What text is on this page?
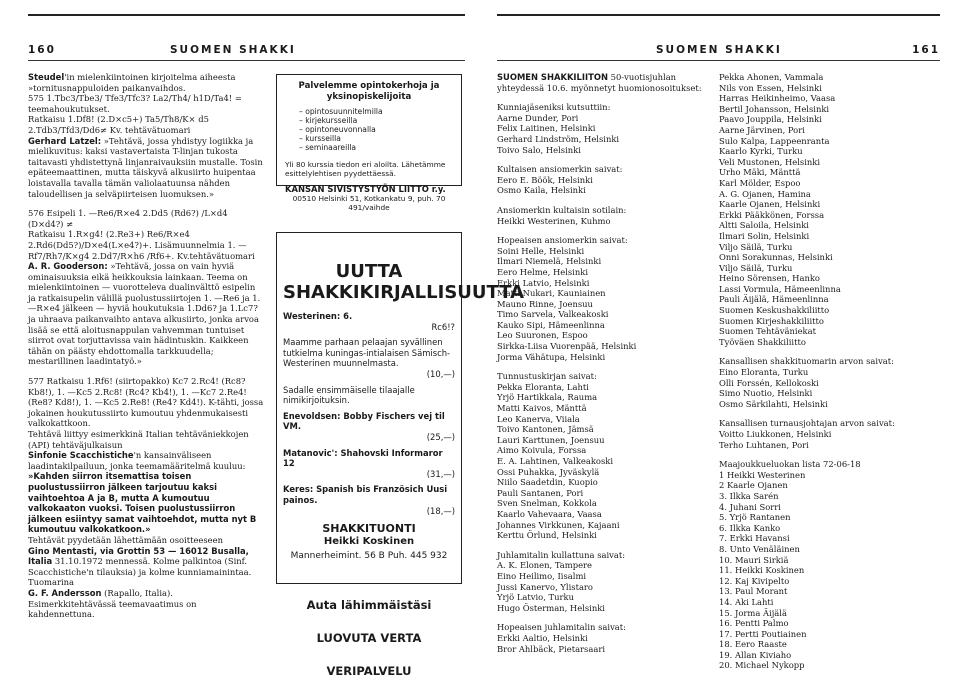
160	SUOMEN SHAKKI

Steudel'in mielenkiintoinen kirjoitelma aiheesta »tornitusnappuloiden paikanvaihdos.

575 1.Tbc3/Tbe3/ Tfe3/Tfc3? La2/Th4/ h1D/Ta4! = teemahoukutukset.

Ratkaisu 1.Df8! (2.D×c5+) Ta5/Th8/K× d5 2.Tdb3/Tfd3/Dd6≠ Kv. tehtävätuomari

Gerhard Latzel: »Tehtävä, jossa yhdistyy logiikka ja mielikuvitus: kaksi vastavertaista T-linjan tukosta taitavasti yhdistettynä linjanraivauksiin mustalle. Tosin epäteemaattinen, mutta täiskyvä alkusiirto huipentaa loistavalla tavalla tämän valiolaatuunsa nähden taloudellisen ja selväpiirteisen luomuksen.»

576 Esipeli 1. —Re6/R×e4 2.Dd5 (Rd6?) /L×d4 (D×d4?) ≠

Ratkaisu 1.R×g4! (2.Re3+) Re6/R×e4 2.Rd6(Dd5?)/D×e4(L×e4?)+. Lisämuunnelmia 1. —Rf7/Rh7/K×g4 2.Dd7/R×h6 /Rf6+. Kv.tehtävätuomari

A. R. Gooderson: »Tehtävä, jossa on vain hyviä ominaisuuksia eikä heikkouksia lainkaan. Teema on mielenkiintoinen — vuorotteleva dualinvälttö esipelin ja ratkaisupelin välillä puolustussiirtojen 1. —Re6 ja 1. —R×e4 jälkeen — hyviä houkutuksia 1.Dd6? ja 1.Lc7? ja uhraava paikanvaihto antava alkusiirto, jonka arvoa lisää se että aloitusnappulan vahvemman tuntuiset siirrot ovat torjuttavissa vain hädintuskin. Kaikkeen tähän on päästy ehdottomalla tarkkuudella; mestarillinen laadintatyö.»

577 Ratkaisu 1.Rf6! (siirtopakko) Kc7 2.Rc4! (Rc8? Kb8!), 1. —Kc5 2.Rc8! (Rc4? Kb4!), 1. —Kc7 2.Re4! (Re8? Kd8!), 1. —Kc5 2.Re8! (Re4? Kd4!). K-tähti, jossa jokainen houkutussiirto kumoutuu yhdenmukaisesti valkokattkoon.

Tehtävä liittyy esimerkkinä Italian tehtäväniekkojen (API) tehtäväjulkaisun

Sinfonie Scacchistiche'n kansainväliseen laadintakilpailuun, jonka teemamääritelmä kuuluu:

»Kahden siirron itsemattisa toisen puolustussiirron jälkeen tarjoutuu kaksi vaihtoehtoa A ja B, mutta A kumoutuu valkokaaton vuoksi. Toisen puolustussiirron jälkeen esiintyy samat vaihtoehdot, mutta nyt B kumoutuu valkokatkoon.»

Tehtävät pyydetään lähettämään osoitteeseen

Gino Mentasti, via Grottin 53 — 16012 Busalla, Italia 31.10.1972 mennessä. Kolme palkintoa (Sinf. Scacchistiche'n tilauksia) ja kolme kunniamainintaa. Tuomarina

G. F. Andersson (Rapallo, Italia).

Esimerkkitehtävässä teemavaatimus on kahdennettuna.

Palvelemme opintokerhoja ja yksinopiskelijoita
– opintosuunnitelmilla
– kirjekursseilla
– opintoneuvonnalla
– kursseilla
– seminaareilla
Yli 80 kurssia tiedon eri aloilta. Lähetämme esittelylehtisen pyydettäessä.
KANSAN SIVISTYSTYÖN LIITTO r.y.
00510 Helsinki 51, Kotkankatu 9, puh. 70 491/vaihde
UUTTA SHAKKIKIRJALLISUUTTA
Westerinen: 6.
Rc6!?
Maamme parhaan pelaajan syvällinen tutkielma kuningas-intialaisen Sämisch-Westerinen muunnelmasta.
(10,—)
Sadalle ensimmäiselle tilaajalle nimikirjoituksin.
Enevoldsen: Bobby Fischers vej til VM.
(25,—)
Matanovic': Shahovski Informaror 12
(31,—)
Keres: Spanish bis Französich Uusi painos.
(18,—)
SHAKKITUONTI
Heikki Koskinen
Mannerheimint. 56 B Puh. 445 932
Auta lähimmäistäsi
LUOVUTA VERTA
VERIPALVELU
SUOMEN SHAKKI	161

SUOMEN SHAKKILIITON 50-vuotisjuhlan yhteydessä 10.6. myönnetyt huomionosoitukset:

Kunniajäseniksi kutsuttiin:

Aarne Dunder, Pori

Felix Laitinen, Helsinki

Gerhard Lindström, Helsinki

Toivo Salo, Helsinki

Kultaisen ansiomerkin saivat:

Eero E. Böök, Helsinki

Osmo Kaila, Helsinki

Ansiomerkin kultaisin sotilain:

Heikki Westerinen, Kuhmo

Hopeaisen ansiomerkin saivat:

Soini Helle, Helsinki

Ilmari Niemelä, Helsinki

Eero Helme, Helsinki

Erkki Latvio, Helsinki

Matti Nukari, Kauniainen

Mauno Rinne, Joensuu

Timo Sarvela, Valkeakoski

Kauko Sipi, Hämeenlinna

Leo Suuronen, Espoo

Sirkka-Liisa Vuorenpää, Helsinki

Jorma Vähätupa, Helsinki

Tunnustuskirjan saivat:

Pekka Eloranta, Lahti

Yrjö Hartikkala, Rauma

Matti Kaivos, Mänttä

Leo Kanerva, Viiala

Toivo Kantonen, Jämsä

Lauri Karttunen, Joensuu

Aimo Koivula, Forssa

E. A. Lahtinen, Valkeakoski

Ossi Puhakka, Jyväskylä

Niilo Saadetdin, Kuopio

Pauli Santanen, Pori

Sven Snelman, Kokkola

Kaarlo Vahevaara, Vaasa

Johannes Virkkunen, Kajaani

Kerttu Örlund, Helsinki

Juhlamitalin kullattuna saivat:

A. K. Elonen, Tampere

Eino Heilimo, Iisalmi

Jussi Kanervo, Ylistaro

Yrjö Latvio, Turku

Hugo Österman, Helsinki

Hopeaisen juhlamitalin saivat:

Erkki Aaltio, Helsinki

Bror Ahlbäck, Pietarsaari

Pekka Ahonen, Vammala

Nils von Essen, Helsinki

Harras Heikinheimo, Vaasa

Bertil Johansson, Helsinki

Paavo Jouppila, Helsinki

Aarne Järvinen, Pori

Sulo Kalpa, Lappeenranta

Kaarlo Kyrki, Turku

Veli Mustonen, Helsinki

Urho Mäki, Mänttä

Karl Mölder, Espoo

A. G. Ojanen, Hamina

Kaarle Ojanen, Helsinki

Erkki Pääkkönen, Forssa

Altti Saloila, Helsinki

Ilmari Solin, Helsinki

Viljo Säilä, Turku

Onni Sorakunnas, Helsinki

Viljo Säilä, Turku

Heino Sörensen, Hanko

Lassi Vormula, Hämeenlinna

Pauli Äijälä, Hämeenlinna

Suomen Keskushakkiliitto

Suomen Kirjeshakkiliitto

Suomen Tehtäväniekat

Työväen Shakkiliitto

Kansallisen shakkituomarin arvon saivat:

Eino Eloranta, Turku

Olli Forssén, Kellokoski

Simo Nuotio, Helsinki

Osmo Särkilahti, Helsinki

Kansallisen turnausjohtajan arvon saivat:

Voitto Liukkonen, Helsinki

Terho Luhtanen, Pori

Maajoukkueluokan lista 72-06-18

1 Heikki Westerinen

2 Kaarle Ojanen

3. Ilkka Sarén

4. Juhani Sorri

5. Yrjö Rantanen

6. Ilkka Kanko

7. Erkki Havansi

8. Unto Venäläinen

10. Mauri Sirkiä

11. Heikki Koskinen

12. Kaj Kivipelto

13. Paul Morant

14. Aki Lahti

15. Jorma Äijälä

16. Pentti Palmo

17. Pertti Poutiainen

18. Eero Raaste

19. Allan Kiviaho

20. Michael Nykopp
